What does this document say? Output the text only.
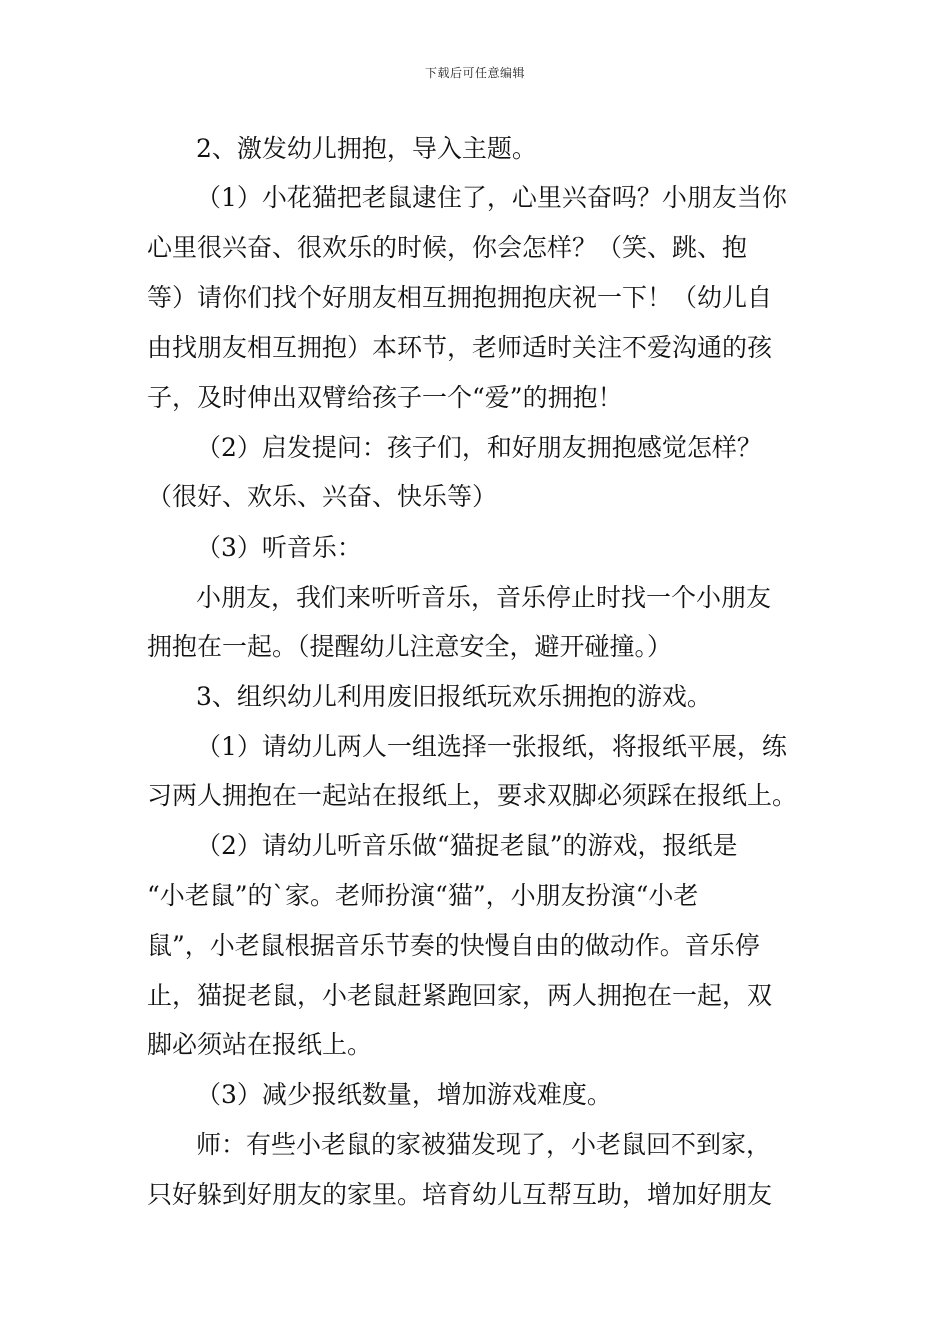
下载后可任意编辑
2、激发幼儿拥抱，导入主题。
（1）小花猫把老鼠逮住了，心里兴奋吗？小朋友当你
心里很兴奋、很欢乐的时候，你会怎样？（笑、跳、抱
等）请你们找个好朋友相互拥抱拥抱庆祝一下！（幼儿自
由找朋友相互拥抱）本环节，老师适时关注不爱沟通的孩
子，及时伸出双臂给孩子一个“爱”的拥抱！
（2）启发提问：孩子们，和好朋友拥抱感觉怎样？
（很好、欢乐、兴奋、快乐等）
（3）听音乐：
小朋友，我们来听听音乐，音乐停止时找一个小朋友
拥抱在一起。（提醒幼儿注意安全，避开碰撞。）
3、组织幼儿利用废旧报纸玩欢乐拥抱的游戏。
（1）请幼儿两人一组选择一张报纸，将报纸平展，练
习两人拥抱在一起站在报纸上，要求双脚必须踩在报纸上。
（2）请幼儿听音乐做“猫捉老鼠”的游戏，报纸是
“小老鼠”的`家。老师扮演“猫”，小朋友扮演“小老
鼠”，小老鼠根据音乐节奏的快慢自由的做动作。音乐停
止，猫捉老鼠，小老鼠赶紧跑回家，两人拥抱在一起，双
脚必须站在报纸上。
（3）减少报纸数量，增加游戏难度。
师：有些小老鼠的家被猫发现了，小老鼠回不到家，
只好躲到好朋友的家里。培育幼儿互帮互助，增加好朋友
